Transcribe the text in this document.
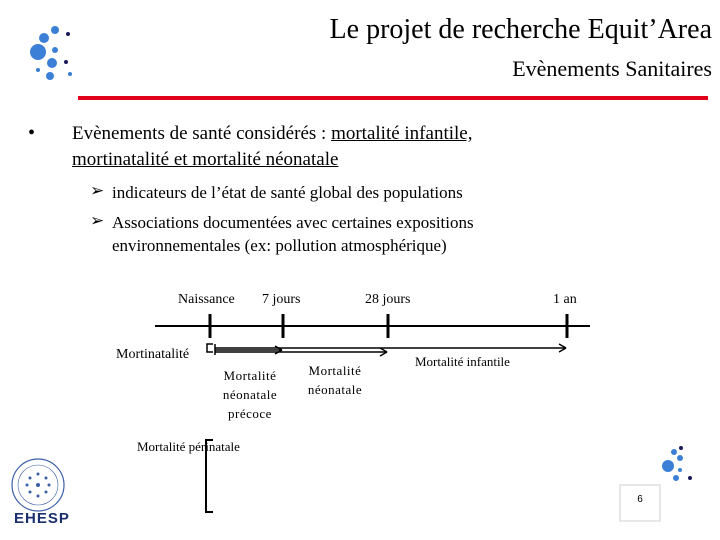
Le projet de recherche Equit’Area
Evènements Sanitaires
• Evènements de santé considérés : mortalité infantile,
mortinatalité et mortalité néonatale
➢ indicateurs de l’état de santé global des populations
➢ Associations documentées avec certaines expositions
environnementales (ex: pollution atmosphérique)
Naissance 7 jours	28 jours	1 an
Mortinatalité
Mortalité
néonatale
précoce
Mortalité
néonatale
Mortalité infantile
Mortalité périnatale
EHESP
6
